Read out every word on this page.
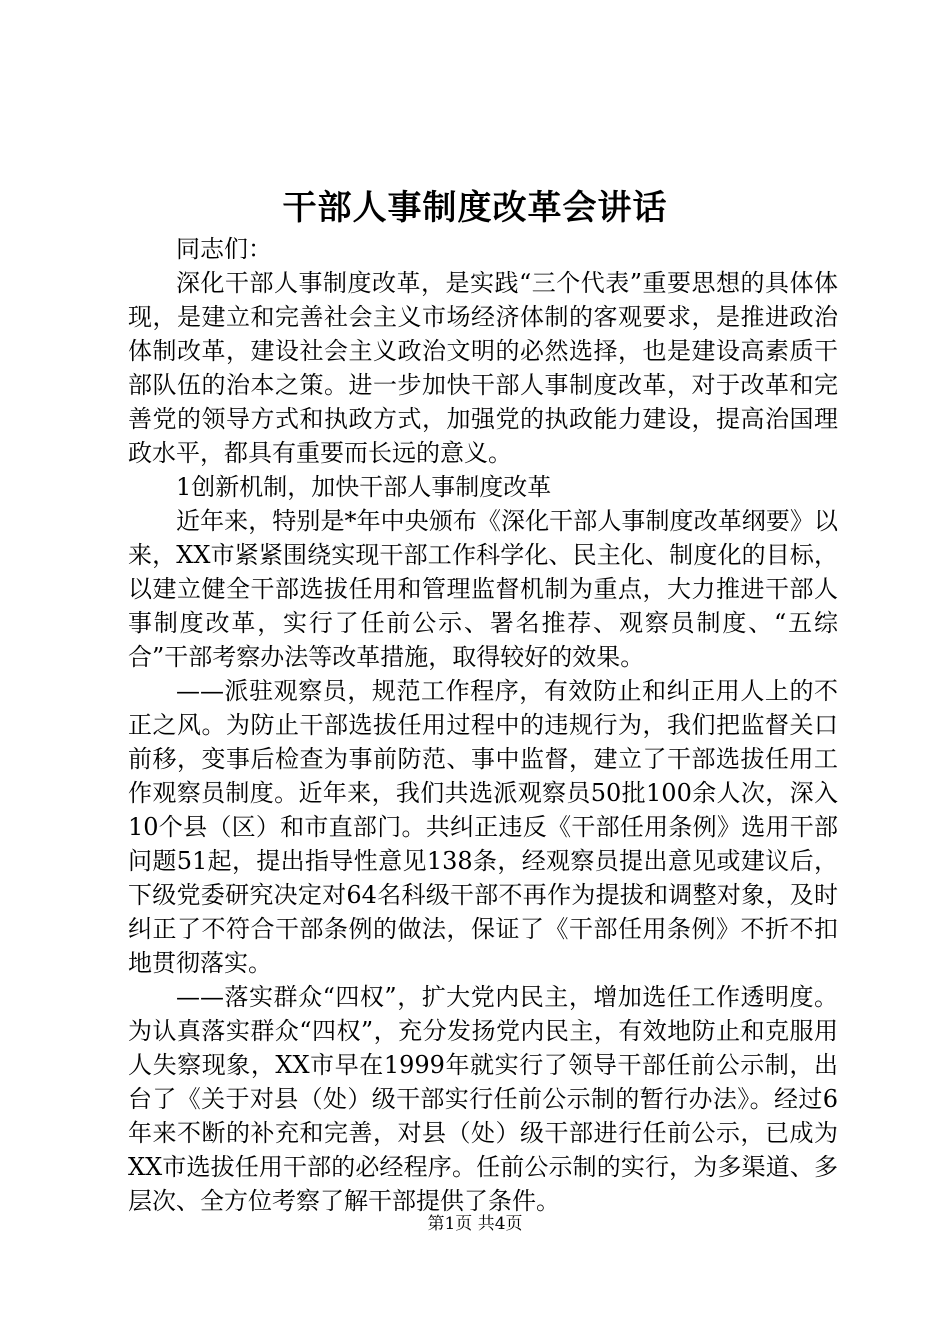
干部人事制度改革会讲话

同志们：

深化干部人事制度改革，是实践“三个代表”重要思想的具体体现，是建立和完善社会主义市场经济体制的客观要求，是推进政治体制改革，建设社会主义政治文明的必然选择，也是建设高素质干部队伍的治本之策。进一步加快干部人事制度改革，对于改革和完善党的领导方式和执政方式，加强党的执政能力建设，提高治国理政水平，都具有重要而长远的意义。

1创新机制，加快干部人事制度改革

近年来，特别是*年中央颁布《深化干部人事制度改革纲要》以来，XX市紧紧围绕实现干部工作科学化、民主化、制度化的目标，以建立健全干部选拔任用和管理监督机制为重点，大力推进干部人事制度改革，实行了任前公示、署名推荐、观察员制度、“五综合”干部考察办法等改革措施，取得较好的效果。

——派驻观察员，规范工作程序，有效防止和纠正用人上的不正之风。为防止干部选拔任用过程中的违规行为，我们把监督关口前移，变事后检查为事前防范、事中监督，建立了干部选拔任用工作观察员制度。近年来，我们共选派观察员50批100余人次，深入10个县（区）和市直部门。共纠正违反《干部任用条例》选用干部问题51起，提出指导性意见138条，经观察员提出意见或建议后，下级党委研究决定对64名科级干部不再作为提拔和调整对象，及时纠正了不符合干部条例的做法，保证了《干部任用条例》不折不扣地贯彻落实。

——落实群众“四权”，扩大党内民主，增加选任工作透明度。为认真落实群众“四权”，充分发扬党内民主，有效地防止和克服用人失察现象，XX市早在1999年就实行了领导干部任前公示制，出台了《关于对县（处）级干部实行任前公示制的暂行办法》。经过6年来不断的补充和完善，对县（处）级干部进行任前公示，已成为XX市选拔任用干部的必经程序。任前公示制的实行，为多渠道、多层次、全方位考察了解干部提供了条件。

第1页 共4页
